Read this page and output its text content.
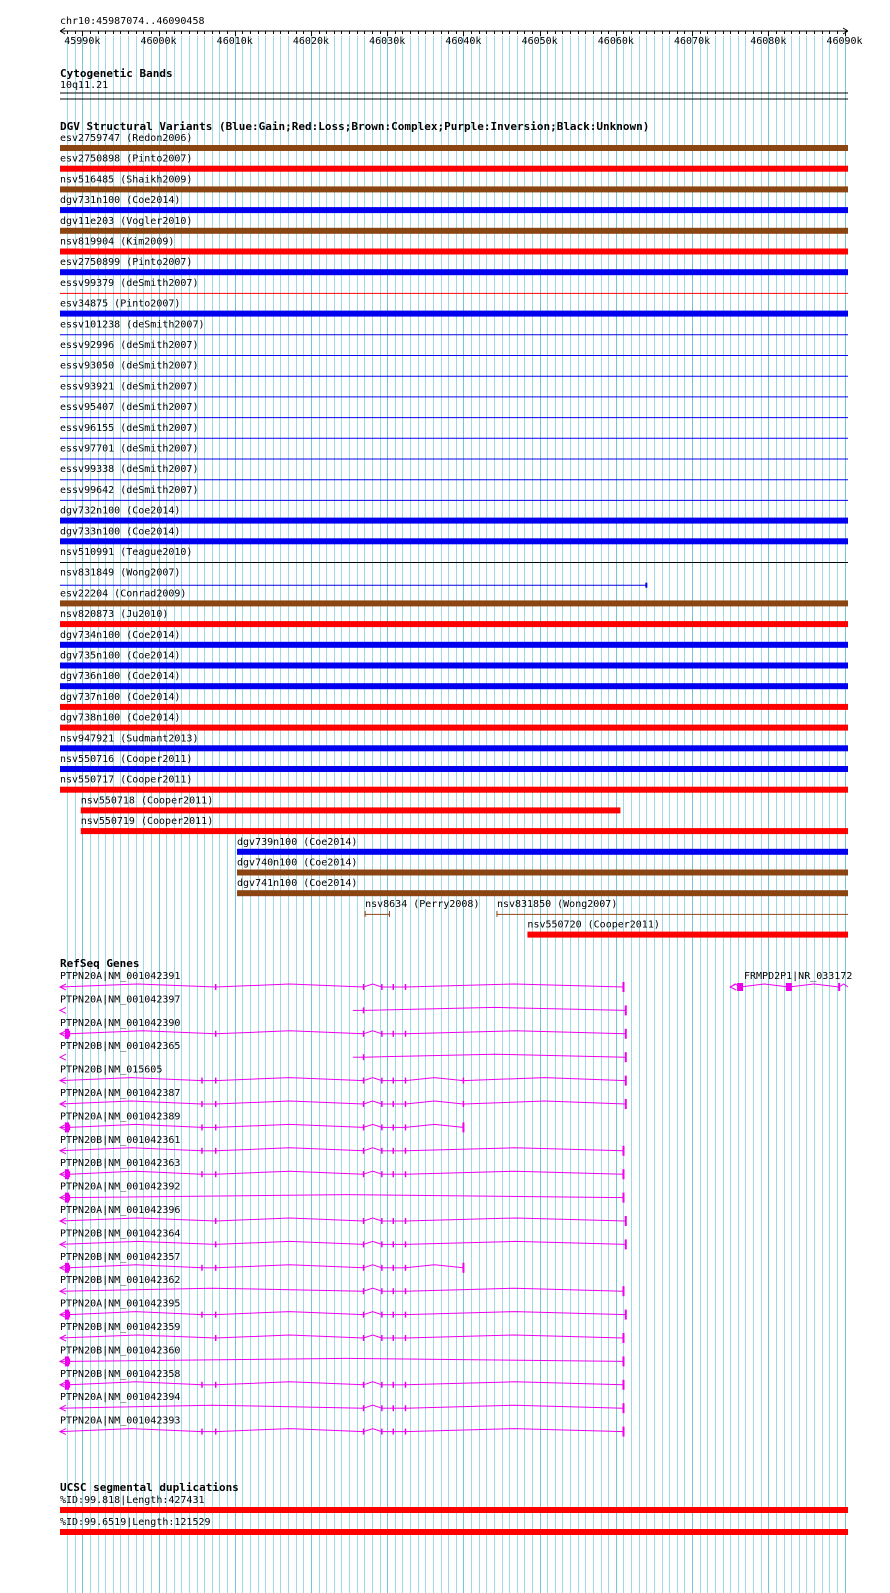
chr10:45987074..46090458
45990k	46000k	46010k	46020k	46030k	46040k	46050k	46060k	46070k	46080k	46090k
Cytogenetic Bands
10q11.21
DGV Structural Variants (Blue:Gain;Red:Loss;Brown:Complex;Purple:Inversion;Black:Unknown)
esv2759747 (Redon2006)
esv2750898 (Pinto2007)
nsv516485 (Shaikh2009)
dgv731n100 (Coe2014)
dgv11e203 (Vogler2010)
nsv819904 (Kim2009)
esv2750899 (Pinto2007)
essv99379 (deSmith2007)
esv34875 (Pinto2007)
essv101238 (deSmith2007)
essv92996 (deSmith2007)
essv93050 (deSmith2007)
essv93921 (deSmith2007)
essv95407 (deSmith2007)
essv96155 (deSmith2007)
essv97701 (deSmith2007)
essv99338 (deSmith2007)
essv99642 (deSmith2007)
dgv732n100 (Coe2014)
dgv733n100 (Coe2014)
nsv510991 (Teague2010)
nsv831849 (Wong2007)
esv22204 (Conrad2009)
nsv820873 (Ju2010)
dgv734n100 (Coe2014)
dgv735n100 (Coe2014)
dgv736n100 (Coe2014)
dgv737n100 (Coe2014)
dgv738n100 (Coe2014)
nsv947921 (Sudmant2013)
nsv550716 (Cooper2011)
nsv550717 (Cooper2011)
nsv550718 (Cooper2011)
nsv550719 (Cooper2011)
dgv739n100 (Coe2014)
dgv740n100 (Coe2014)
dgv741n100 (Coe2014)
nsv8634 (Perry2008) nsv831850 (Wong2007)
nsv550720 (Cooper2011)
RefSeq Genes
PTPN20A|NM_001042391
PTPN20A|NM_001042397
PTPN20A|NM_001042390
PTPN20B|NM_001042365
PTPN20B|NM_015605
PTPN20A|NM_001042387
PTPN20A|NM_001042389
PTPN20B|NM_001042361
PTPN20B|NM_001042363
PTPN20A|NM_001042392
PTPN20A|NM_001042396
PTPN20B|NM_001042364
PTPN20B|NM_001042357
PTPN20B|NM_001042362
PTPN20A|NM_001042395
PTPN20B|NM_001042359
PTPN20B|NM_001042360
PTPN20B|NM_001042358
PTPN20A|NM_001042394
PTPN20A|NM_001042393
FRMPD2P1|NR_033172
UCSC segmental duplications
%ID:99.818|Length:427431
%ID:99.6519|Length:121529
